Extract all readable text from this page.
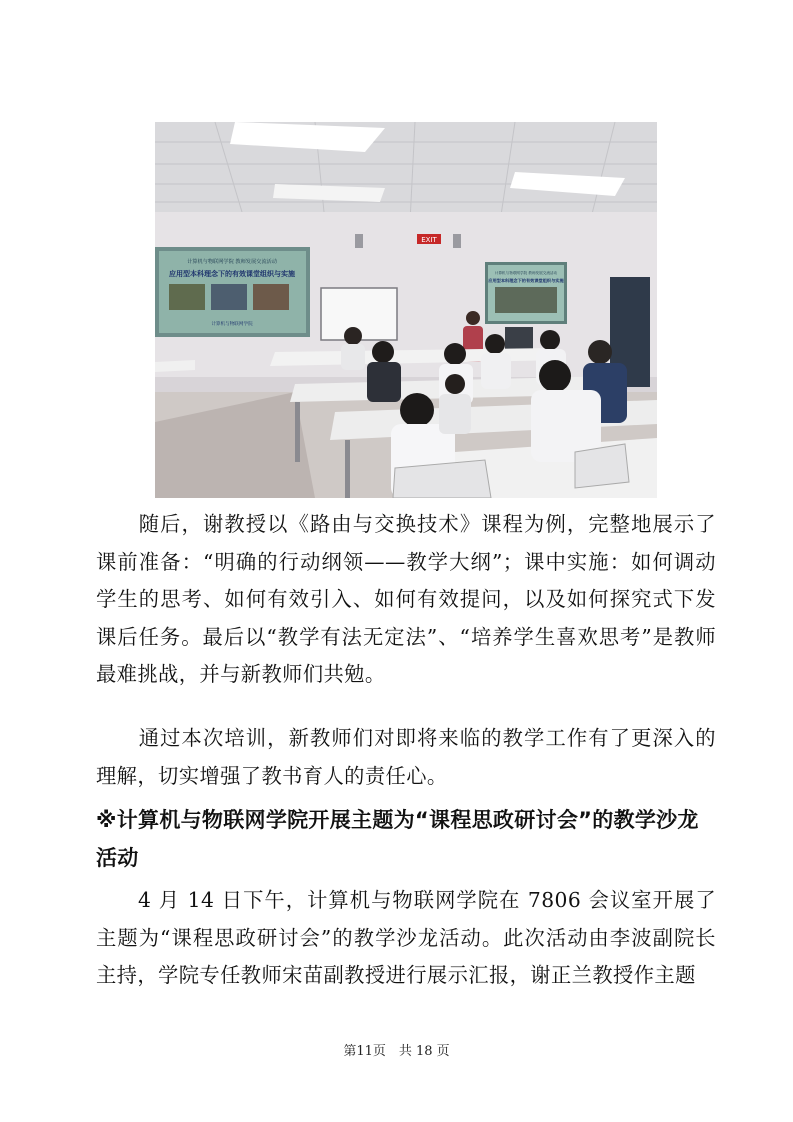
EXIT
计算机与物联网学院 教师发展交流活动
应用型本科理念下的有效课堂组织与实施
计算机与物联网学院
计算机与物联网学院 教师发展交流活动
应用型本科理念下的有效课堂组织与实施

随后，谢教授以《路由与交换技术》课程为例，完整地展示了课前准备：“明确的行动纲领——教学大纲”；课中实施：如何调动学生的思考、如何有效引入、如何有效提问，以及如何探究式下发课后任务。最后以“教学有法无定法”、“培养学生喜欢思考”是教师最难挑战，并与新教师们共勉。

通过本次培训，新教师们对即将来临的教学工作有了更深入的理解，切实增强了教书育人的责任心。

※计算机与物联网学院开展主题为“课程思政研讨会”的教学沙龙活动

4 月 14 日下午，计算机与物联网学院在 7806 会议室开展了主题为“课程思政研讨会”的教学沙龙活动。此次活动由李波副院长主持，学院专任教师宋苗副教授进行展示汇报，谢正兰教授作主题

第11页　共 18 页
